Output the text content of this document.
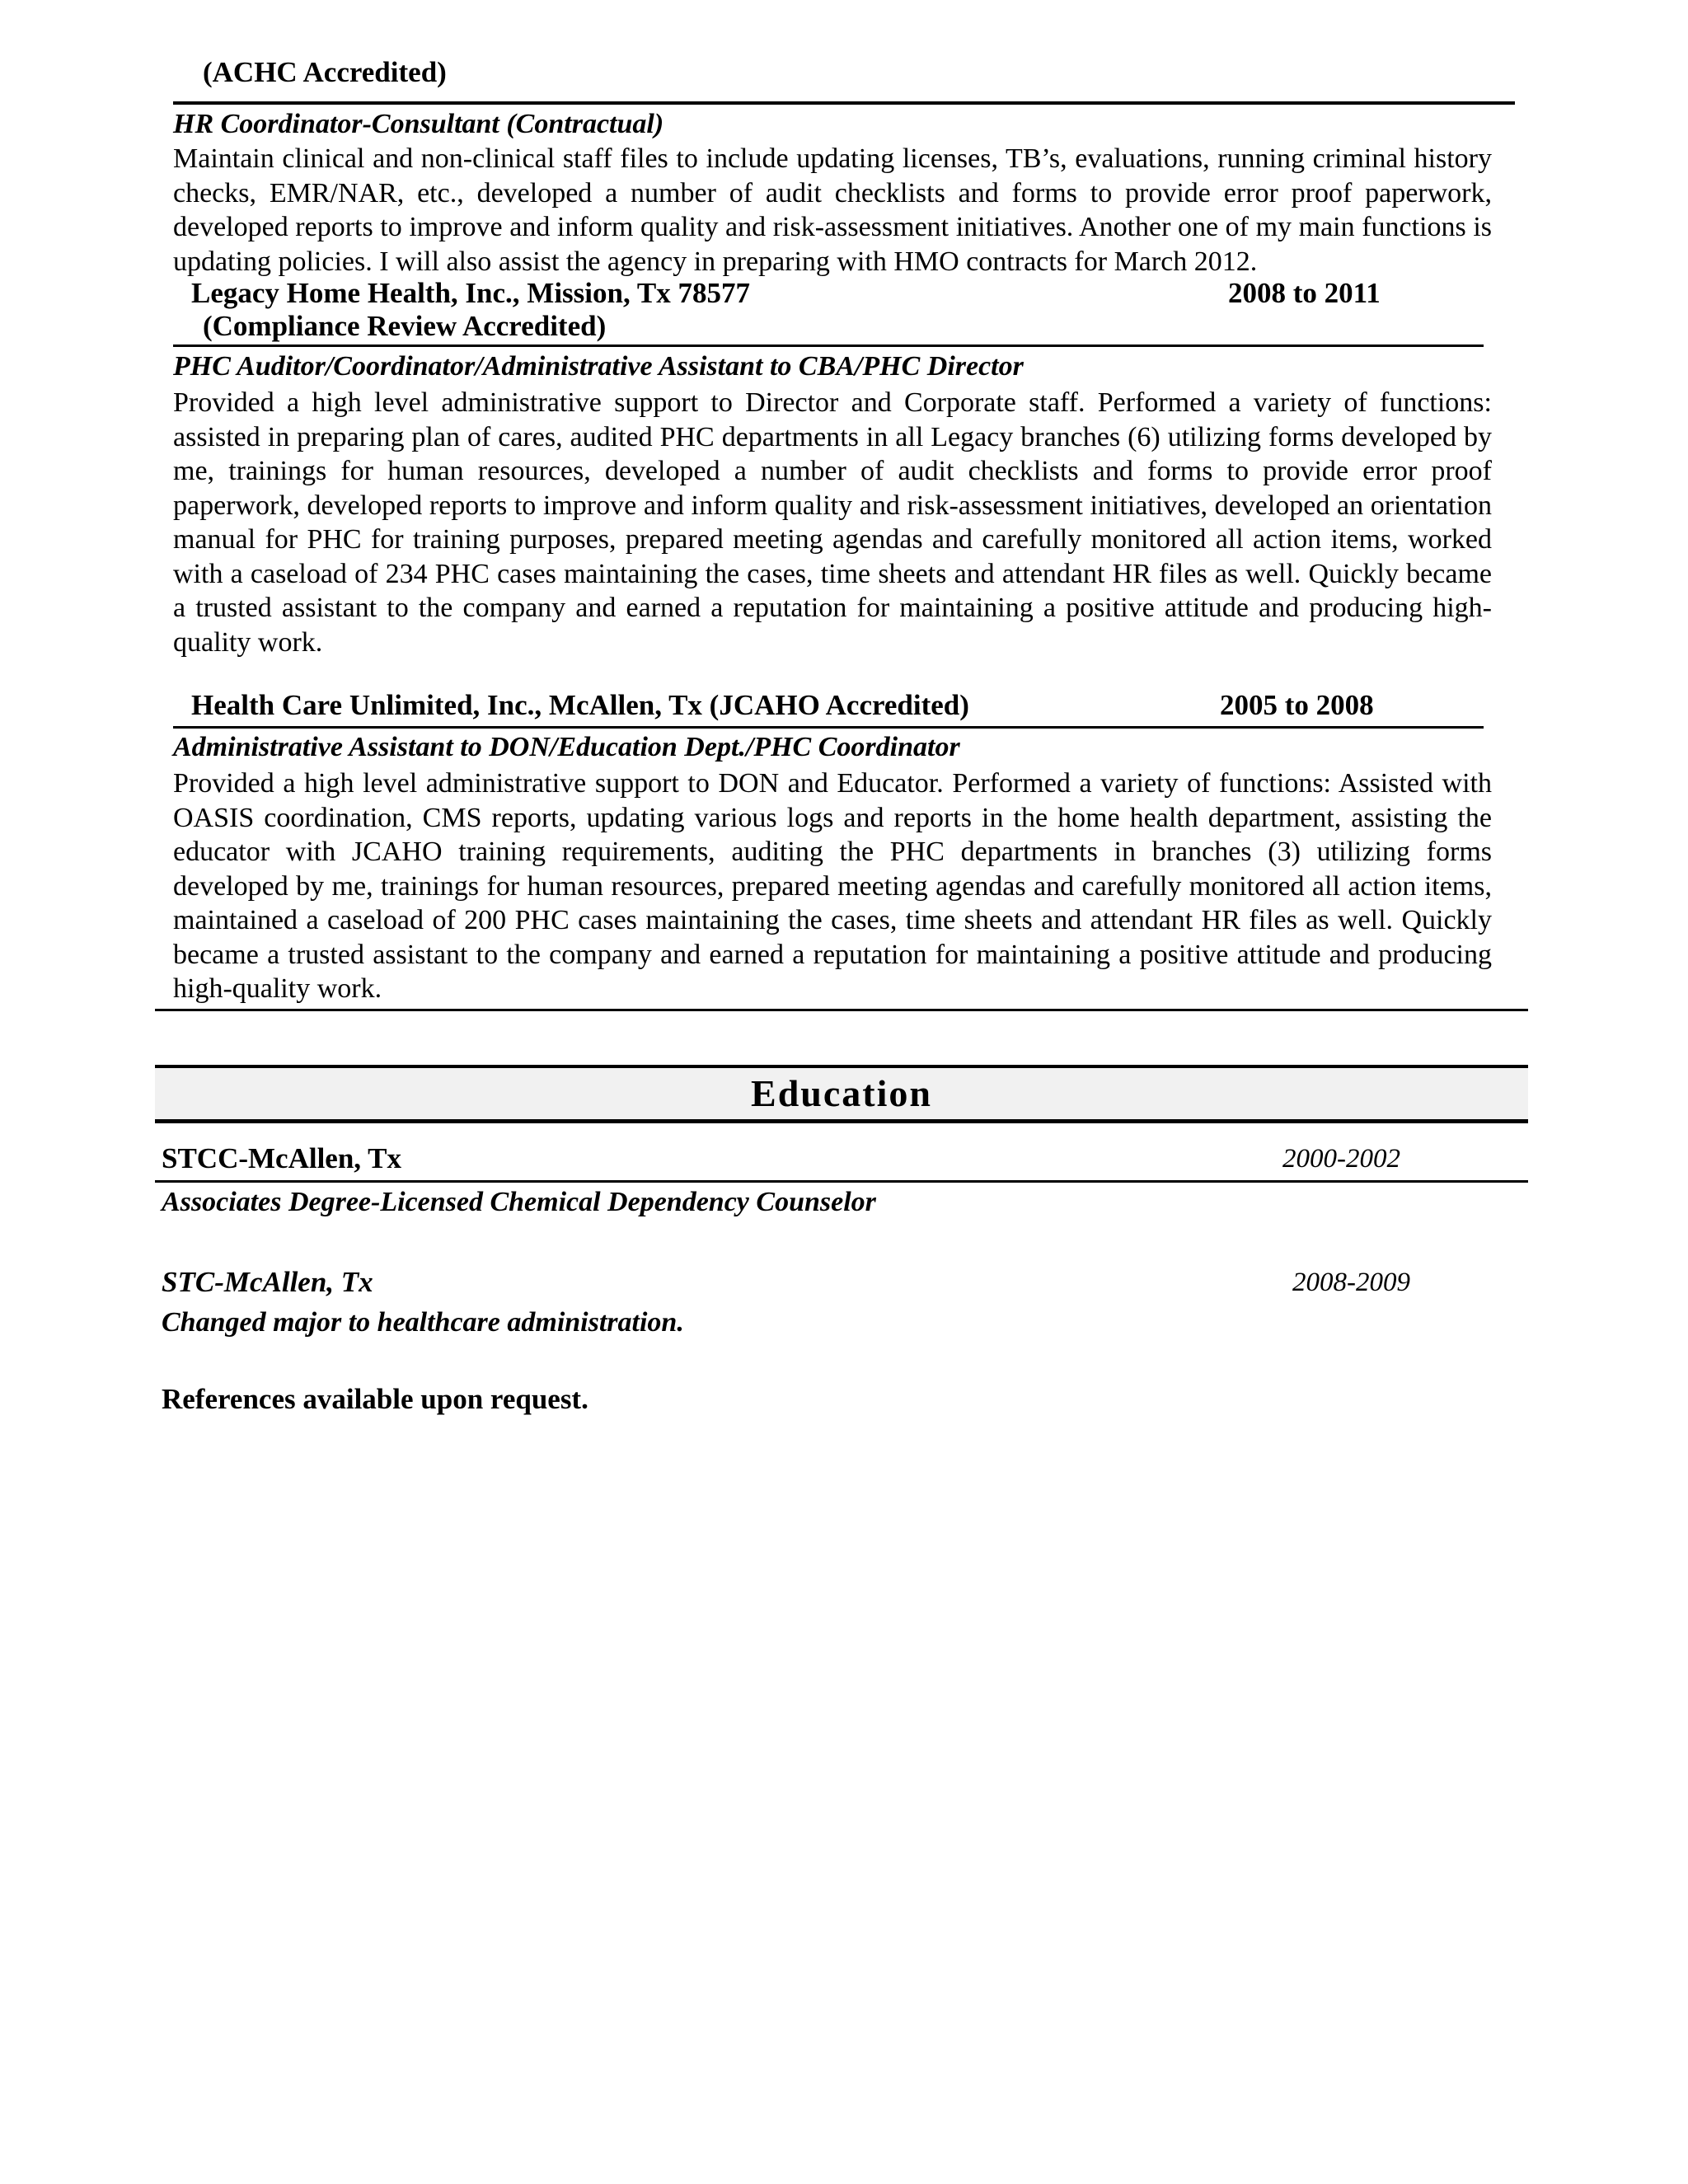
(ACHC Accredited)
HR Coordinator-Consultant (Contractual)
Maintain clinical and non-clinical staff files to include updating licenses, TB’s, evaluations, running criminal history checks, EMR/NAR, etc., developed a number of audit checklists and forms to provide error proof paperwork, developed reports to improve and inform quality and risk-assessment initiatives. Another one of my main functions is updating policies. I will also assist the agency in preparing with HMO contracts for March 2012.
Legacy Home Health, Inc., Mission, Tx 78577	2008 to 2011
(Compliance Review Accredited)
PHC Auditor/Coordinator/Administrative Assistant to CBA/PHC Director
Provided a high level administrative support to Director and Corporate staff. Performed a variety of functions: assisted in preparing plan of cares, audited PHC departments in all Legacy branches (6) utilizing forms developed by me, trainings for human resources, developed a number of audit checklists and forms to provide error proof paperwork, developed reports to improve and inform quality and risk-assessment initiatives, developed an orientation manual for PHC for training purposes, prepared meeting agendas and carefully monitored all action items, worked with a caseload of 234 PHC cases maintaining the cases, time sheets and attendant HR files as well. Quickly became a trusted assistant to the company and earned a reputation for maintaining a positive attitude and producing high-quality work.
Health Care Unlimited, Inc., McAllen, Tx (JCAHO Accredited)	2005 to 2008
Administrative Assistant to DON/Education Dept./PHC Coordinator
Provided a high level administrative support to DON and Educator. Performed a variety of functions: Assisted with OASIS coordination, CMS reports, updating various logs and reports in the home health department, assisting the educator with JCAHO training requirements, auditing the PHC departments in branches (3) utilizing forms developed by me, trainings for human resources, prepared meeting agendas and carefully monitored all action items, maintained a caseload of 200 PHC cases maintaining the cases, time sheets and attendant HR files as well. Quickly became a trusted assistant to the company and earned a reputation for maintaining a positive attitude and producing high-quality work.
Education
STCC-McAllen, Tx	2000-2002
Associates Degree-Licensed Chemical Dependency Counselor
STC-McAllen, Tx	2008-2009
Changed major to healthcare administration.
References available upon request.
